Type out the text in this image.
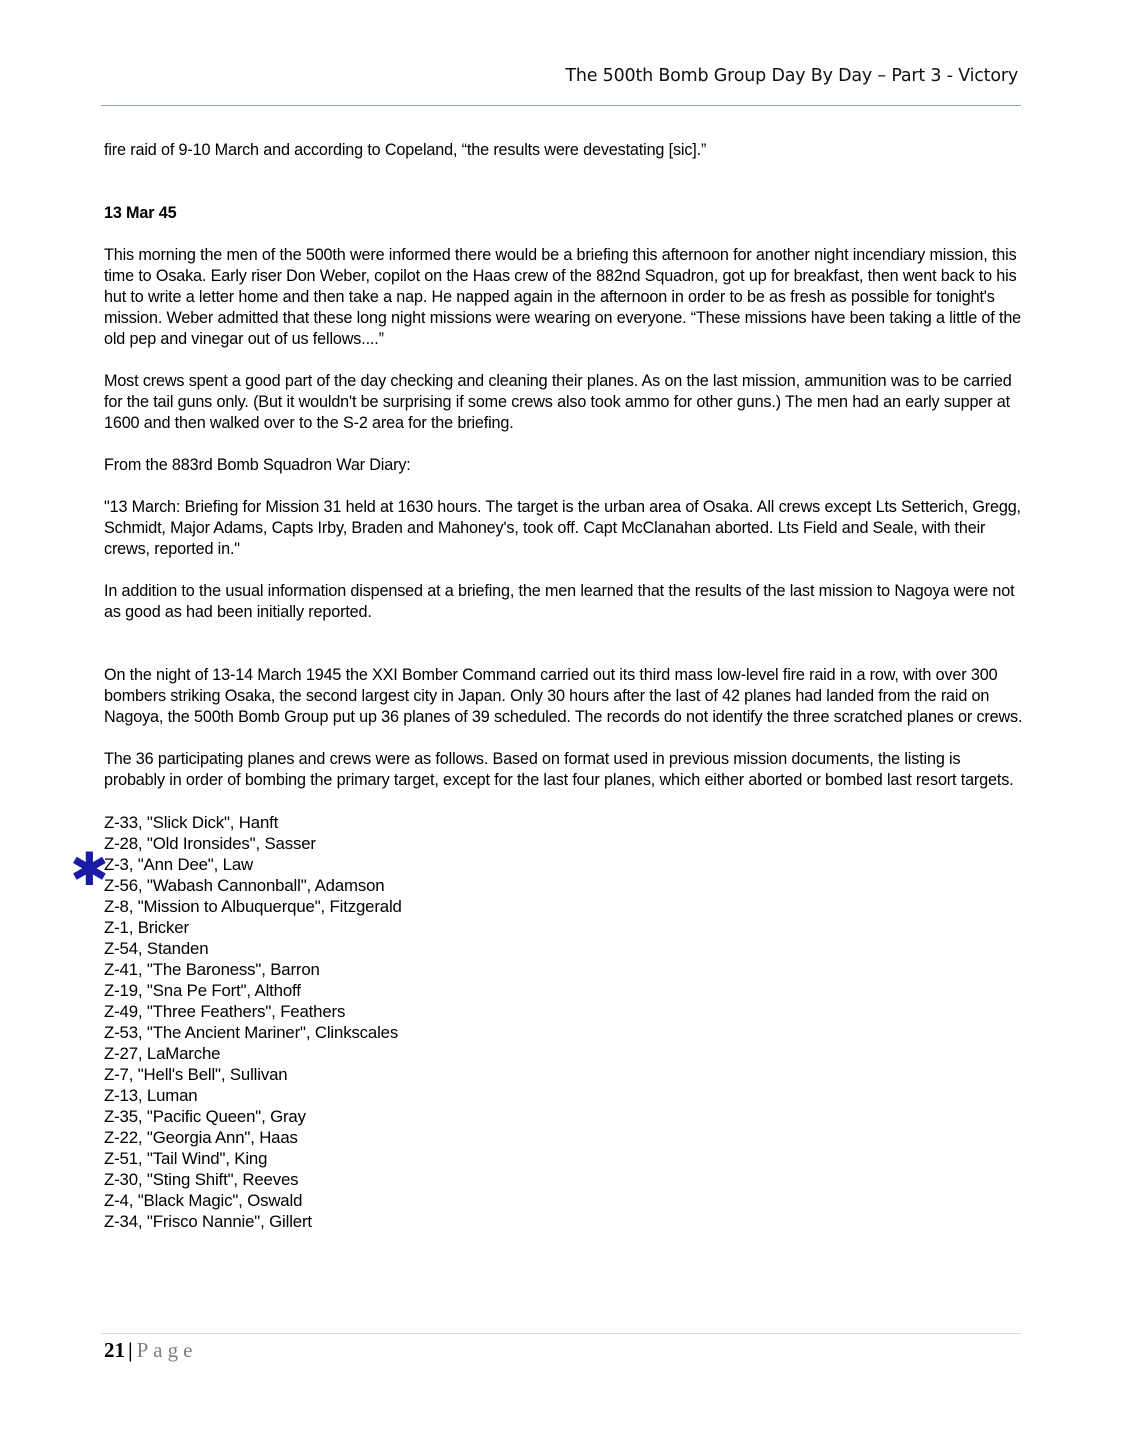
The 500th Bomb Group Day By Day – Part 3 - Victory

fire raid of 9-10 March and according to Copeland, “the results were devestating [sic].”

13 Mar 45

This morning the men of the 500th were informed there would be a briefing this afternoon for another night incendiary mission, this time to Osaka. Early riser Don Weber, copilot on the Haas crew of the 882nd Squadron, got up for breakfast, then went back to his hut to write a letter home and then take a nap. He napped again in the afternoon in order to be as fresh as possible for tonight's mission. Weber admitted that these long night missions were wearing on everyone. “These missions have been taking a little of the old pep and vinegar out of us fellows....”

Most crews spent a good part of the day checking and cleaning their planes. As on the last mission, ammunition was to be carried for the tail guns only. (But it wouldn't be surprising if some crews also took ammo for other guns.) The men had an early supper at 1600 and then walked over to the S-2 area for the briefing.

From the 883rd Bomb Squadron War Diary:

"13 March: Briefing for Mission 31 held at 1630 hours. The target is the urban area of Osaka. All crews except Lts Setterich, Gregg, Schmidt, Major Adams, Capts Irby, Braden and Mahoney's, took off. Capt McClanahan aborted. Lts Field and Seale, with their crews, reported in."

In addition to the usual information dispensed at a briefing, the men learned that the results of the last mission to Nagoya were not as good as had been initially reported.

On the night of 13-14 March 1945 the XXI Bomber Command carried out its third mass low-level fire raid in a row, with over 300 bombers striking Osaka, the second largest city in Japan. Only 30 hours after the last of 42 planes had landed from the raid on Nagoya, the 500th Bomb Group put up 36 planes of 39 scheduled. The records do not identify the three scratched planes or crews.

The 36 participating planes and crews were as follows. Based on format used in previous mission documents, the listing is probably in order of bombing the primary target, except for the last four planes, which either aborted or bombed last resort targets.

Z-33, "Slick Dick", Hanft
Z-28, "Old Ironsides", Sasser
✱
Z-3, "Ann Dee", Law
Z-56, "Wabash Cannonball", Adamson
Z-8, "Mission to Albuquerque", Fitzgerald
Z-1, Bricker
Z-54, Standen
Z-41, "The Baroness", Barron
Z-19, "Sna Pe Fort", Althoff
Z-49, "Three Feathers", Feathers
Z-53, "The Ancient Mariner", Clinkscales
Z-27, LaMarche
Z-7, "Hell's Bell", Sullivan
Z-13, Luman
Z-35, "Pacific Queen", Gray
Z-22, "Georgia Ann", Haas
Z-51, "Tail Wind", King
Z-30, "Sting Shift", Reeves
Z-4, "Black Magic", Oswald
Z-34, "Frisco Nannie", Gillert
21 | Page
